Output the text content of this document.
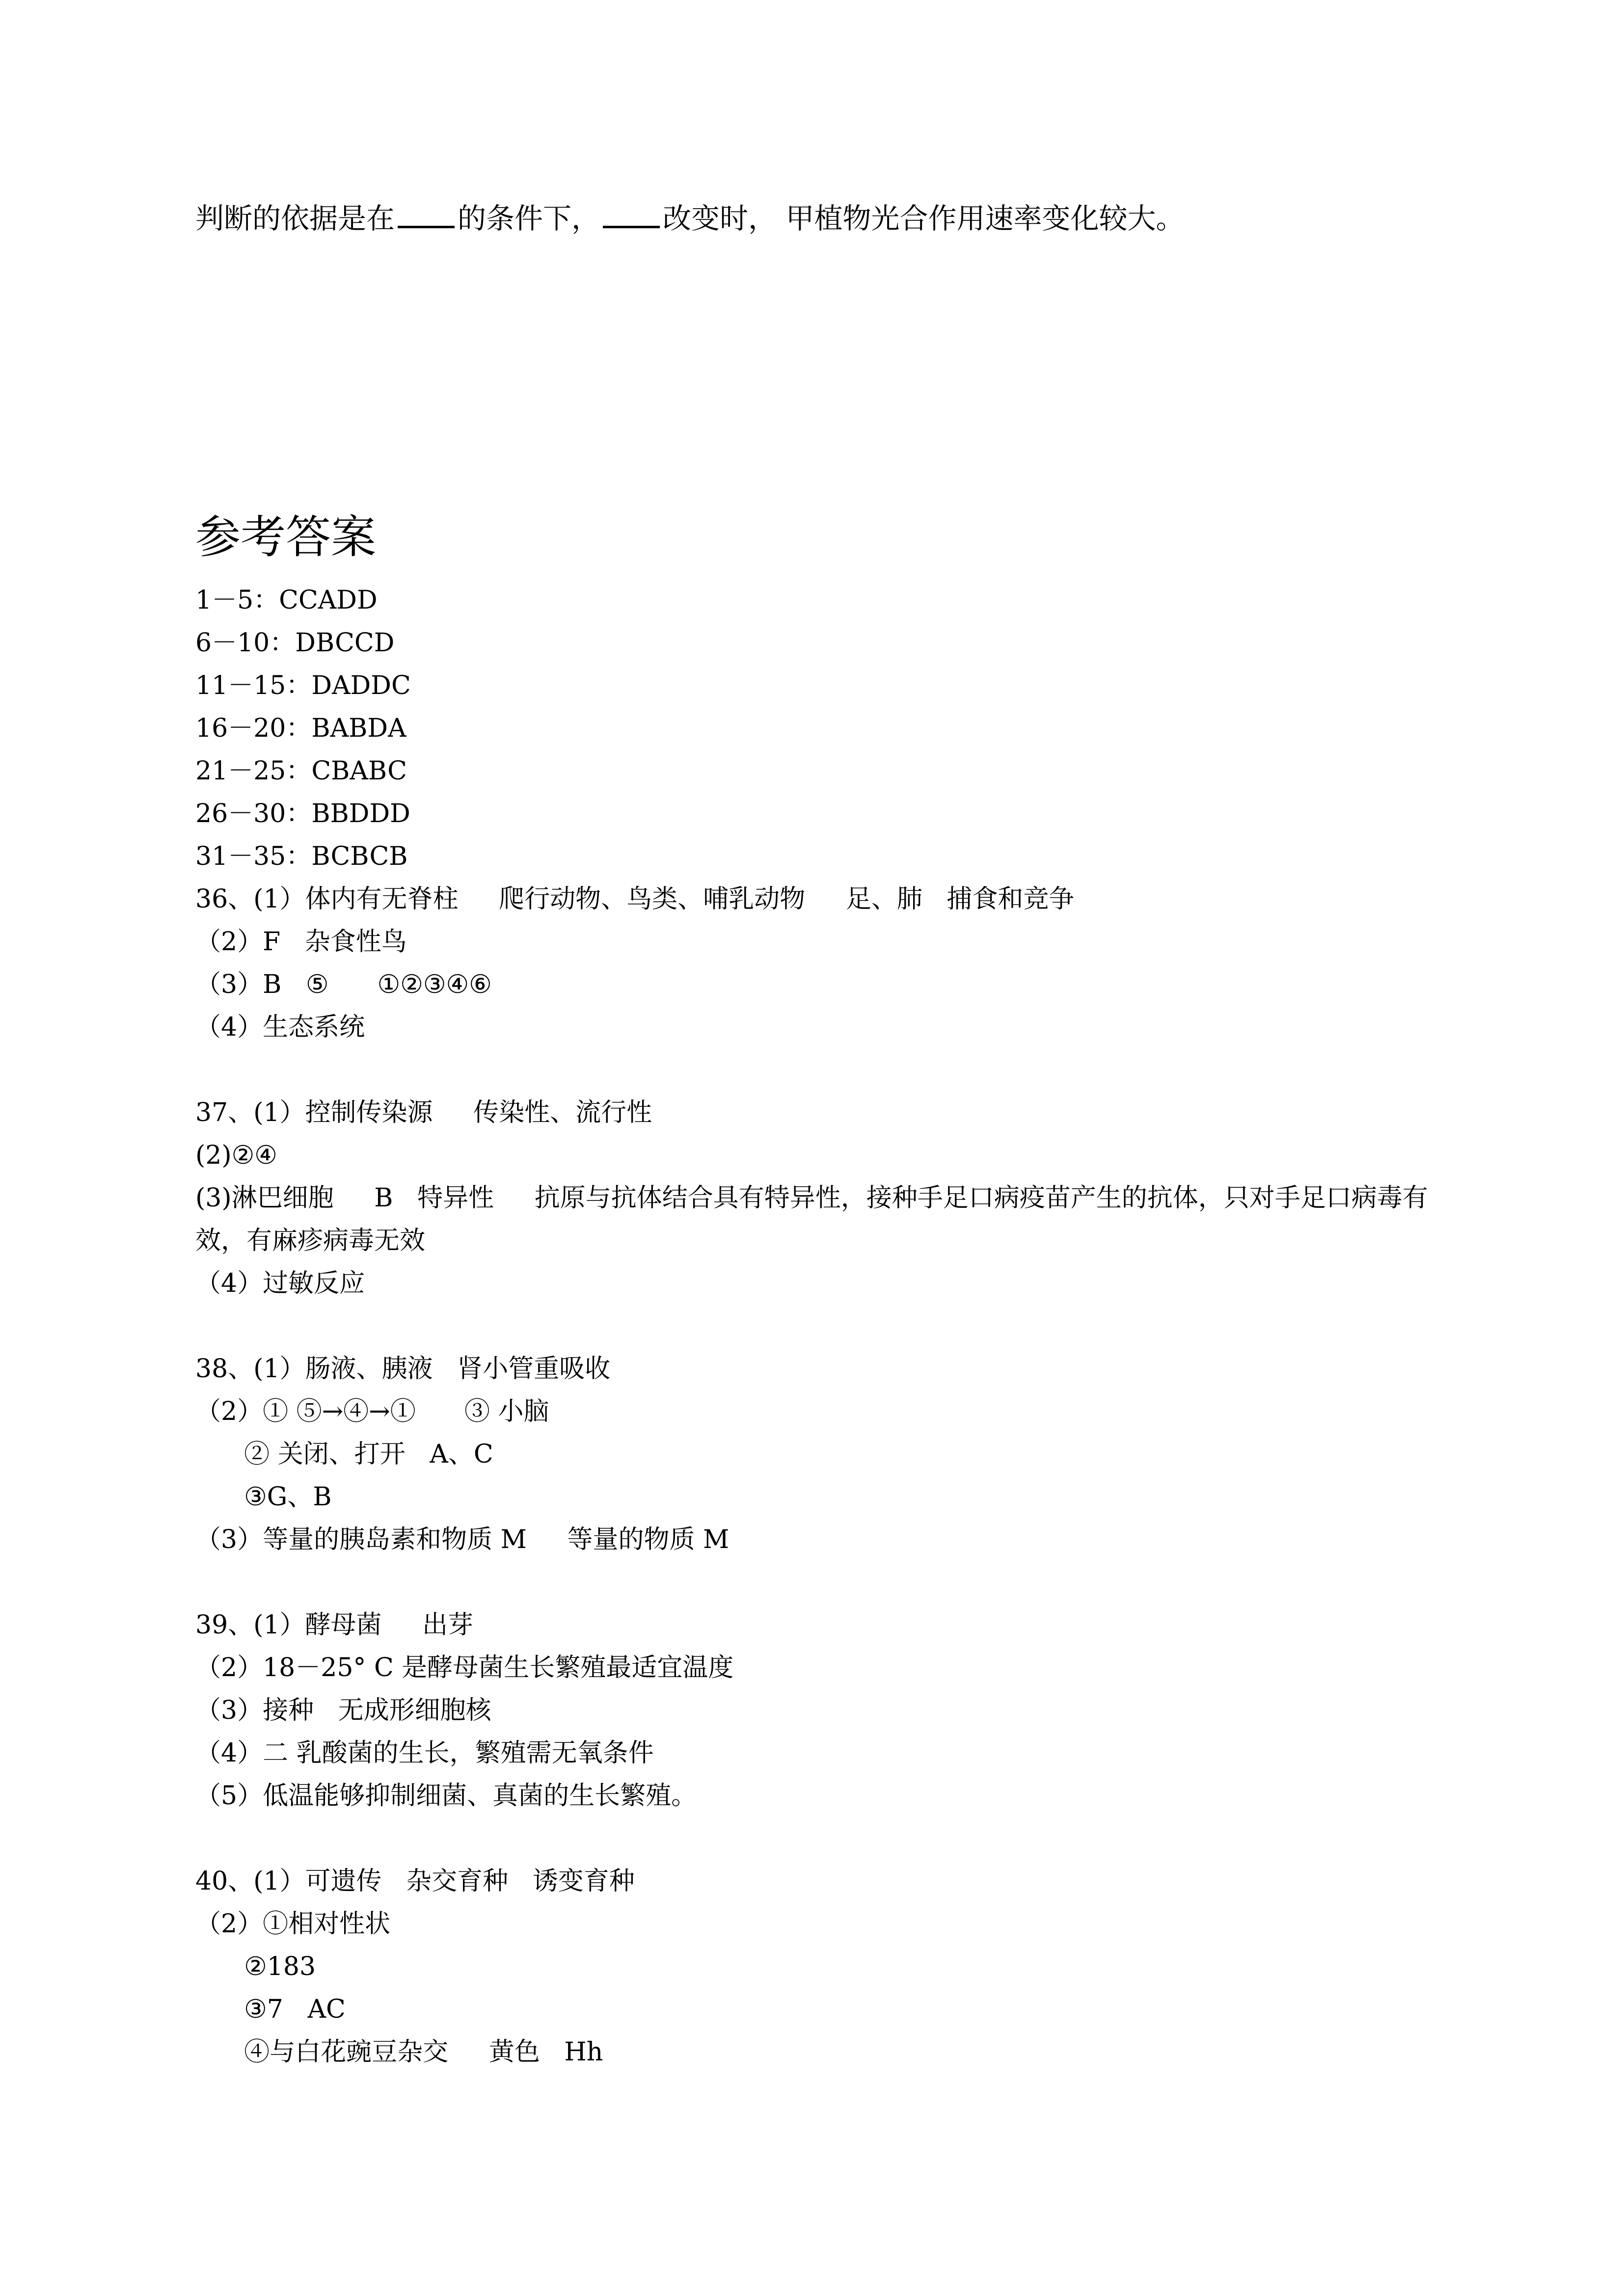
判断的依据是在 的条件下， 改变时， 甲植物光合作用速率变化较大。
参考答案
1－5：CCADD
6－10：DBCCD
11－15：DADDC
16－20：BABDA
21－25：CBABC
26－30：BBDDD
31－35：BCBCB
36、(1）体内有无脊柱     爬行动物、鸟类、哺乳动物     足、肺   捕食和竞争
（2）F   杂食性鸟
（3）B   ⑤      ①②③④⑥
（4）生态系统
37、(1）控制传染源     传染性、流行性
(2)②④
(3)淋巴细胞     B   特异性     抗原与抗体结合具有特异性，接种手足口病疫苗产生的抗体，只对手足口病毒有效，有麻疹病毒无效
（4）过敏反应
38、(1）肠液、胰液   肾小管重吸收
（2）① ⑤→④→①      ③ 小脑
② 关闭、打开   A、C
③G、B
（3）等量的胰岛素和物质 M     等量的物质 M
39、(1）酵母菌     出芽
（2）18－25° C 是酵母菌生长繁殖最适宜温度
（3）接种   无成形细胞核
（4）二 乳酸菌的生长，繁殖需无氧条件
（5）低温能够抑制细菌、真菌的生长繁殖。
40、(1）可遗传   杂交育种   诱变育种
（2）①相对性状
②183
③7   AC
④与白花豌豆杂交     黄色   Hh
